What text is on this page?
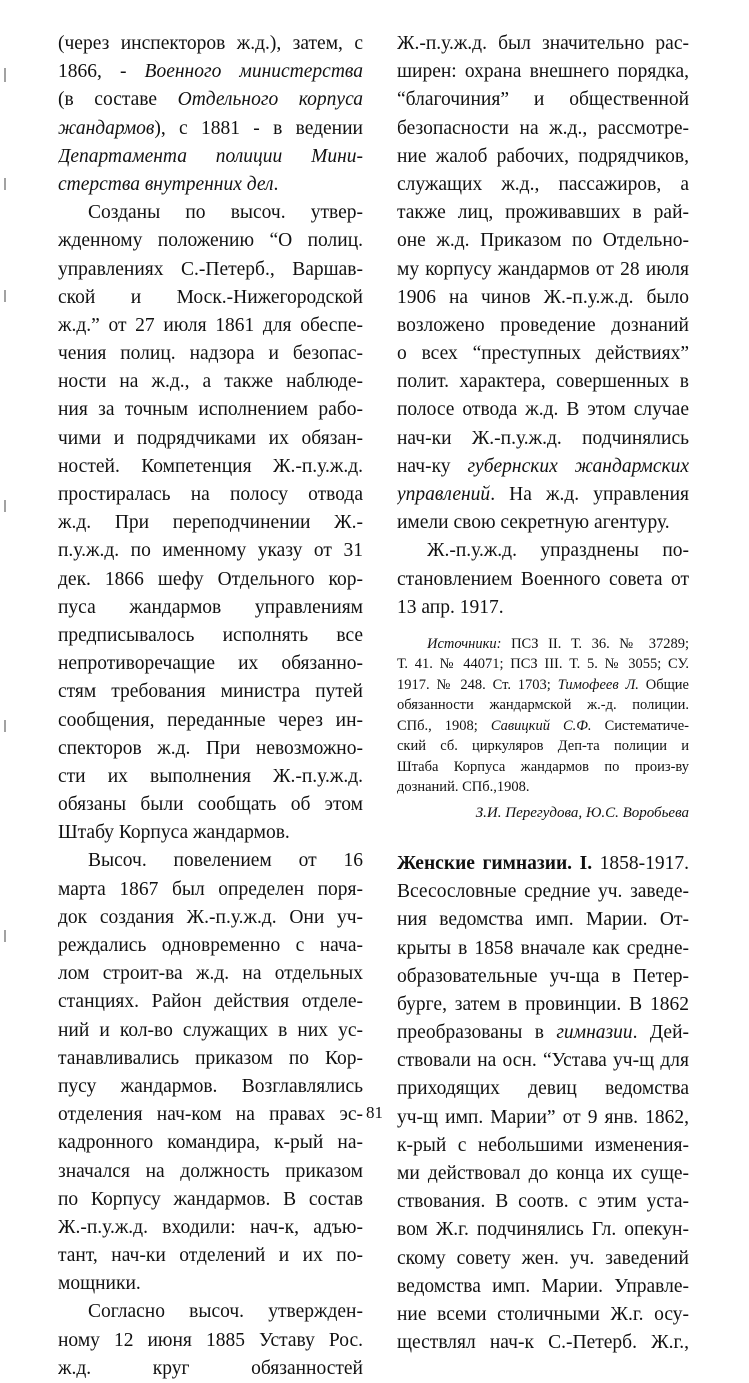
(через инспекторов ж.д.), затем, с
1866, - Военного министерства
(в составе Отдельного корпуса
жандармов), с 1881 - в ведении
Департамента полиции Мини-
стерства внутренних дел.
Созданы по высоч. утвер-
жденному положению “О полиц.
управлениях С.-Петерб., Варшав-
ской и Моск.-Нижегородской
ж.д.” от 27 июля 1861 для обеспе-
чения полиц. надзора и безопас-
ности на ж.д., а также наблюде-
ния за точным исполнением рабо-
чими и подрядчиками их обязан-
ностей. Компетенция Ж.-п.у.ж.д.
простиралась на полосу отвода
ж.д. При переподчинении Ж.-
п.у.ж.д. по именному указу от 31
дек. 1866 шефу Отдельного кор-
пуса жандармов управлениям
предписывалось исполнять все
непротиворечащие их обязанно-
стям требования министра путей
сообщения, переданные через ин-
спекторов ж.д. При невозможно-
сти их выполнения Ж.-п.у.ж.д.
обязаны были сообщать об этом
Штабу Корпуса жандармов.
Высоч. повелением от 16
марта 1867 был определен поря-
док создания Ж.-п.у.ж.д. Они уч-
реждались одновременно с нача-
лом строит-ва ж.д. на отдельных
станциях. Район действия отделе-
ний и кол-во служащих в них ус-
танавливались приказом по Кор-
пусу жандармов. Возглавлялись
отделения нач-ком на правах эс-
кадронного командира, к-рый на-
значался на должность приказом
по Корпусу жандармов. В состав
Ж.-п.у.ж.д. входили: нач-к, адъю-
тант, нач-ки отделений и их по-
мощники.
Согласно высоч. утвержден-
ному 12 июня 1885 Уставу Рос.
ж.д. круг обязанностей
Ж.-п.у.ж.д. был значительно рас-
ширен: охрана внешнего порядка,
“благочиния” и общественной
безопасности на ж.д., рассмотре-
ние жалоб рабочих, подрядчиков,
служащих ж.д., пассажиров, а
также лиц, проживавших в рай-
оне ж.д. Приказом по Отдельно-
му корпусу жандармов от 28 июля
1906 на чинов Ж.-п.у.ж.д. было
возложено проведение дознаний
о всех “преступных действиях”
полит. характера, совершенных в
полосе отвода ж.д. В этом случае
нач-ки Ж.-п.у.ж.д. подчинялись
нач-ку губернских жандармских
управлений. На ж.д. управления
имели свою секретную агентуру.
Ж.-п.у.ж.д. упразднены по-
становлением Военного совета от
13 апр. 1917.
Источники: ПСЗ II. Т. 36. № 37289;
Т. 41. № 44071; ПСЗ III. Т. 5. № 3055; СУ.
1917. № 248. Ст. 1703; Тимофеев Л. Общие
обязанности жандармской ж.-д. полиции.
СПб., 1908; Савицкий С.Ф. Систематиче-
ский сб. циркуляров Деп-та полиции и
Штаба Корпуса жандармов по произ-ву
дознаний. СПб.,1908.
З.И. Перегудова, Ю.С. Воробьева
Женские гимназии. Ӏ. 1858-1917.
Всесословные средние уч. заведе-
ния ведомства имп. Марии. От-
крыты в 1858 вначале как средне-
образовательные уч-ща в Петер-
бурге, затем в провинции. В 1862
преобразованы в гимназии. Дей-
ствовали на осн. “Устава уч-щ для
приходящих девиц ведомства
уч-щ имп. Марии” от 9 янв. 1862,
к-рый с небольшими изменения-
ми действовал до конца их суще-
ствования. В соотв. с этим уста-
вом Ж.г. подчинялись Гл. опекун-
скому совету жен. уч. заведений
ведомства имп. Марии. Управле-
ние всеми столичными Ж.г. осу-
ществлял нач-к С.-Петерб. Ж.г.,
81
